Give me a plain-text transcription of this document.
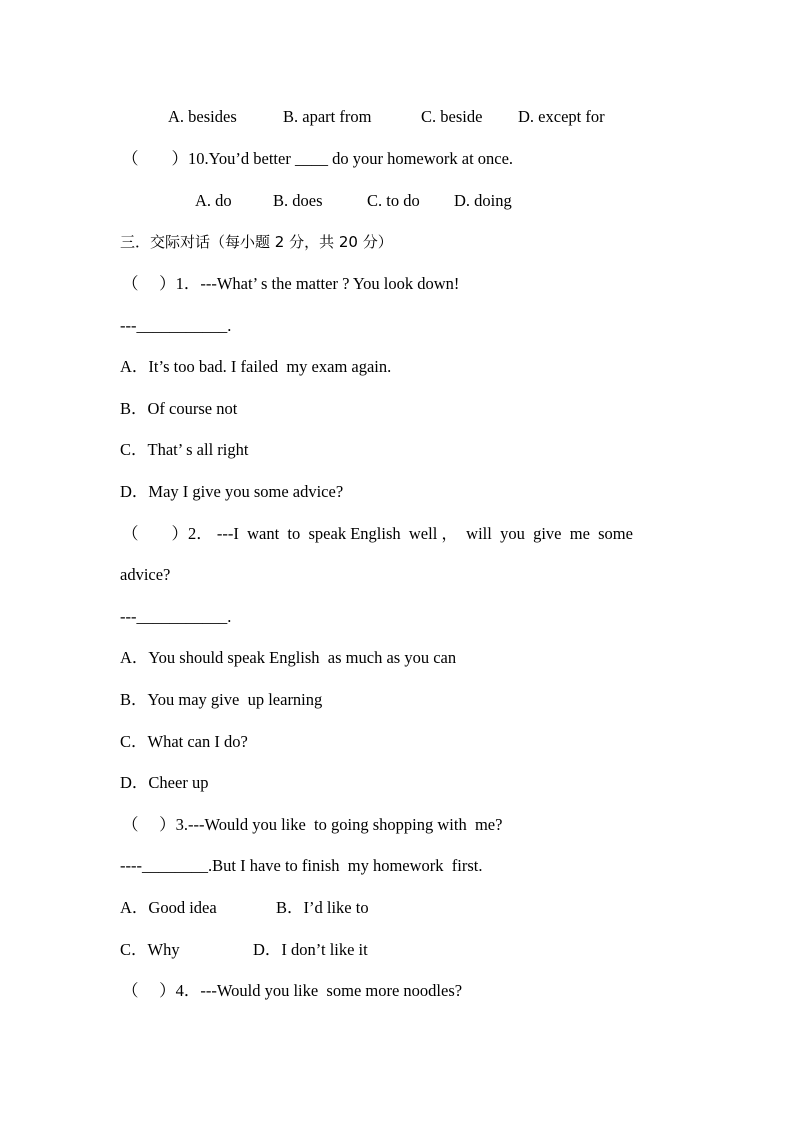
A. besides	B. apart from	C. beside D. except for
（　　）10.You’d better ____ do your homework at once.
A. do	B. does	C. to do D. doing
三．交际对话（每小题 2 分，共 20 分）
（　 ）1．---What’ s the matter ? You look down!
---___________.
A．It’s too bad. I failed  my exam again.
B．Of course not
C．That’ s all right
D．May I give you some advice?
（　　）2． ---I  want  to  speak English  well ，  will  you  give  me  some
advice?
---___________.
A．You should speak English  as much as you can
B．You may give  up learning
C．What can I do?
D．Cheer up
（　 ）3.---Would you like  to going shopping with  me?
----________.But I have to finish  my homework  first.
A．Good idea	B．I’d like to
C．Why	D．I don’t like it
（　 ）4．---Would you like  some more noodles?
